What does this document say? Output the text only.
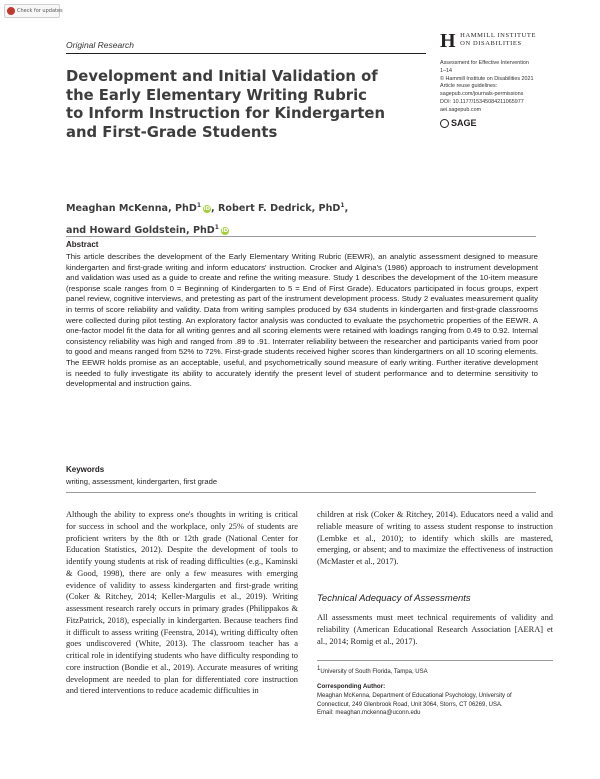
Check for updates
Original Research
Development and Initial Validation of the Early Elementary Writing Rubric to Inform Instruction for Kindergarten and First-Grade Students
Meaghan McKenna, PhD$^1$iD, Robert F. Dedrick, PhD$^1$,
and Howard Goldstein, PhD$^1$iD
H HAMMILL INSTITUTE
ON DISABILITIES
Assessment for Effective Intervention
1–14
© Hammill Institute on Disabilities 2021
Article reuse guidelines:
sagepub.com/journals-permissions
DOI: 10.1177/15345084211065977
aei.sagepub.com
SAGE
Abstract
This article describes the development of the Early Elementary Writing Rubric (EEWR), an analytic assessment designed to measure kindergarten and first-grade writing and inform educators' instruction. Crocker and Algina's (1986) approach to instrument development and validation was used as a guide to create and refine the writing measure. Study 1 describes the development of the 10-item measure (response scale ranges from 0 = Beginning of Kindergarten to 5 = End of First Grade). Educators participated in focus groups, expert panel review, cognitive interviews, and pretesting as part of the instrument development process. Study 2 evaluates measurement quality in terms of score reliability and validity. Data from writing samples produced by 634 students in kindergarten and first-grade classrooms were collected during pilot testing. An exploratory factor analysis was conducted to evaluate the psychometric properties of the EEWR. A one-factor model fit the data for all writing genres and all scoring elements were retained with loadings ranging from 0.49 to 0.92. Internal consistency reliability was high and ranged from .89 to .91. Interrater reliability between the researcher and participants varied from poor to good and means ranged from 52% to 72%. First-grade students received higher scores than kindergartners on all 10 scoring elements. The EEWR holds promise as an acceptable, useful, and psychometrically sound measure of early writing. Further iterative development is needed to fully investigate its ability to accurately identify the present level of student performance and to determine sensitivity to developmental and instruction gains.
Keywords
writing, assessment, kindergarten, first grade
Although the ability to express one's thoughts in writing is critical for success in school and the workplace, only 25% of students are proficient writers by the 8th or 12th grade (National Center for Education Statistics, 2012). Despite the development of tools to identify young students at risk of reading difficulties (e.g., Kaminski & Good, 1998), there are only a few measures with emerging evidence of validity to assess kindergarten and first-grade writing (Coker & Ritchey, 2014; Keller-Margulis et al., 2019). Writing assessment research rarely occurs in primary grades (Philippakos & FitzPatrick, 2018), especially in kindergarten. Because teachers find it difficult to assess writing (Feenstra, 2014), writing difficulty often goes undiscovered (White, 2013). The classroom teacher has a critical role in identifying students who have difficulty responding to core instruction (Bondie et al., 2019). Accurate measures of writing development are needed to plan for differentiated core instruction and tiered interventions to reduce academic difficulties in
children at risk (Coker & Ritchey, 2014). Educators need a valid and reliable measure of writing to assess student response to instruction (Lembke et al., 2010); to identify which skills are mastered, emerging, or absent; and to maximize the effectiveness of instruction (McMaster et al., 2017).
Technical Adequacy of Assessments
All assessments must meet technical requirements of validity and reliability (American Educational Research Association [AERA] et al., 2014; Romig et al., 2017).
$^1$University of South Florida, Tampa, USA
Corresponding Author:
Meaghan McKenna, Department of Educational Psychology, University of
Connecticut, 249 Glenbrook Road, Unit 3064, Storrs, CT 06269, USA.
Email: meaghan.mckenna@uconn.edu
